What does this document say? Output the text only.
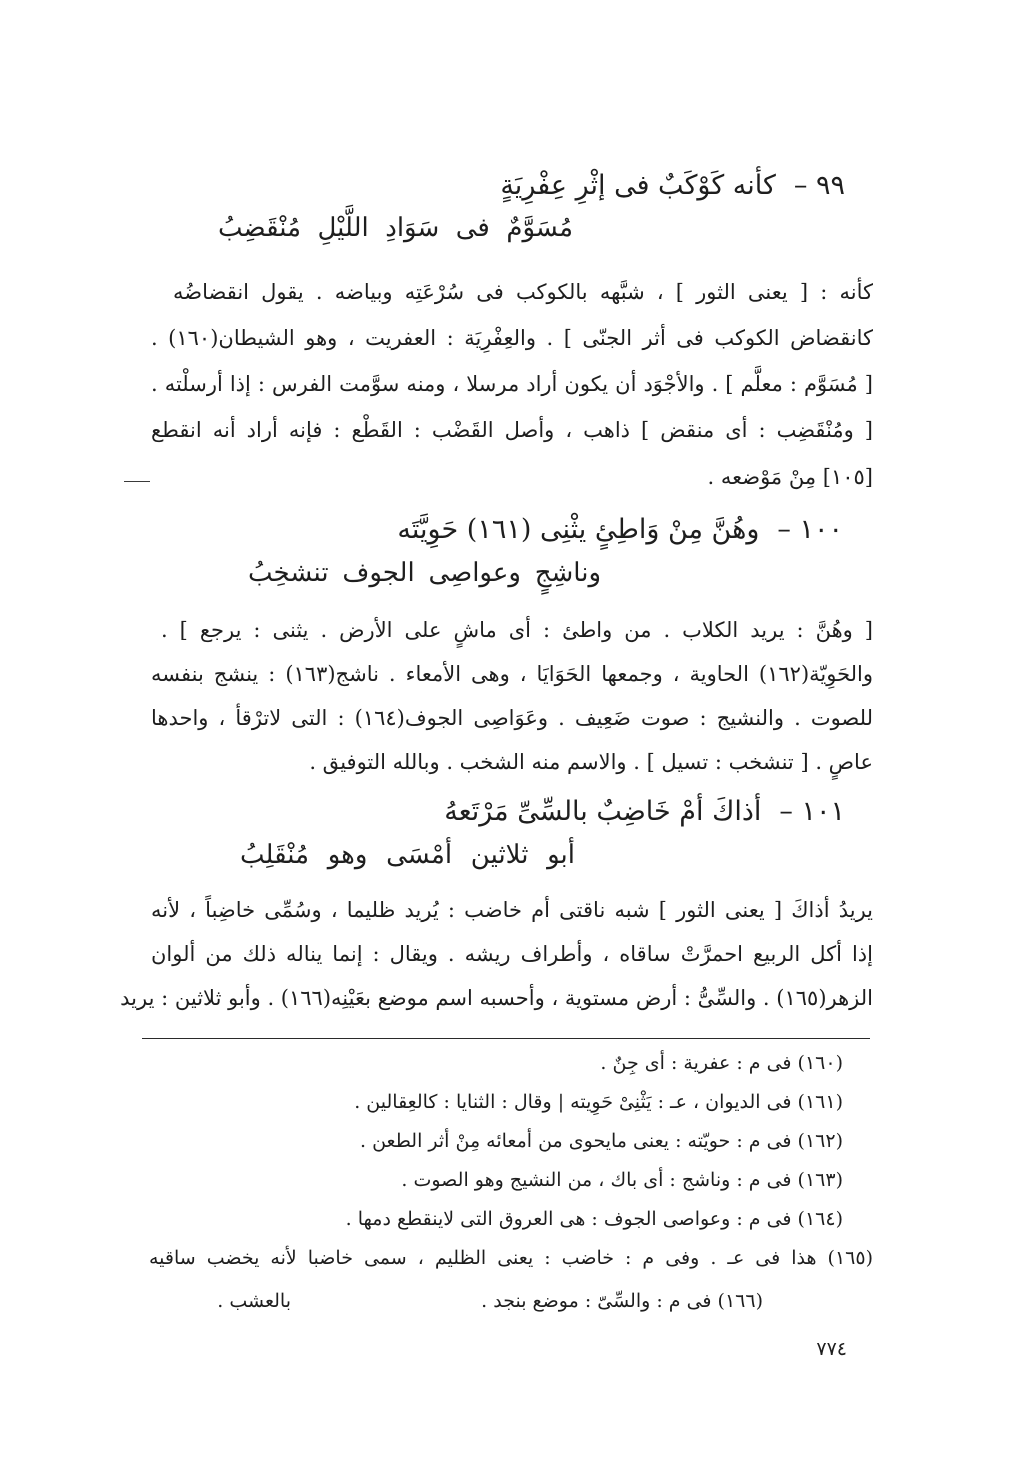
٩٩ –كأنه كَوْكَبٌ فى إثْرِ عِفْرِيَةٍ
مُسَوَّمٌ فى سَوَادِ اللَّيْلِ مُنْقَضِبُ
كأنه : [ يعنى الثور ] ، شبَّهه بالكوكب فى سُرْعَتِه وبياضه . يقول انقضاضُه
كانقضاض الكوكب فى أثر الجنّى ] . والعِفْرِيَة : العفريت ، وهو الشيطان(١٦٠) .
[ مُسَوَّم : معلَّم ] . والأجْوَد أن يكون أراد مرسلا ، ومنه سوَّمت الفرس : إذا أرسلْته .
[ ومُنْقَضِب : أى منقض ] ذاهب ، وأصل القَضْب : القَطْع : فإنه أراد أنه انقطع
[١٠٥] مِنْ مَوْضعه .
١٠٠ –وهُنَّ مِنْ وَاطِئٍ يثْنِى (١٦١) حَوِيَّتَه
وناشِجٍ وعواصِى الجوف تنشخِبُ
[ وهُنَّ : يريد الكلاب . من واطئ : أى ماشٍ على الأرض . يثنى : يرجع ] .
والحَوِيّة(١٦٢) الحاوية ، وجمعها الحَوَايَا ، وهى الأمعاء . ناشج(١٦٣) : ينشج بنفسه
للصوت . والنشيج : صوت ضَعِيف . وعَوَاصِى الجوف(١٦٤) : التى لاترْقأ ، واحدها
عاصٍ . [ تنشخب : تسيل ] . والاسم منه الشخب . وبالله التوفيق .
١٠١ –أذاكَ أمْ خَاضِبٌ بالسِّىِّ مَرْتَعهُ
أبو ثلاثين أمْسَى وهو مُنْقَلِبُ
يريدُ أذاكَ [ يعنى الثور ] شبه ناقتى أم خاضب : يُريد ظليما ، وسُمِّى خاضِباً ، لأنه
إذا أكل الربيع احمرَّتْ ساقاه ، وأطراف ريشه . ويقال : إنما يناله ذلك من ألوان
الزهر(١٦٥) . والسِّىُّ : أرض مستوية ، وأحسبه اسم موضع بعَيْنِه(١٦٦) . وأبو ثلاثين : يريد
(١٦٠) فى م : عفرية : أى جِنٌ .
(١٦١) فى الديوان ، عـ : يَثْنِىْ حَوِيته | وقال : الثنايا : كالعِقالين .
(١٦٢) فى م : حويّته : يعنى مايحوى من أمعائه مِنْ أثر الطعن .
(١٦٣) فى م : وناشج : أى باك ، من النشيج وهو الصوت .
(١٦٤) فى م : وعواصى الجوف : هى العروق التى لاينقطع دمها .
(١٦٥) هذا فى عـ . وفى م : خاضب : يعنى الظليم ، سمى خاضبا لأنه يخضب ساقيه
(١٦٦) فى م : والسِّىّ : موضع بنجد .
بالعشب .
٧٧٤
